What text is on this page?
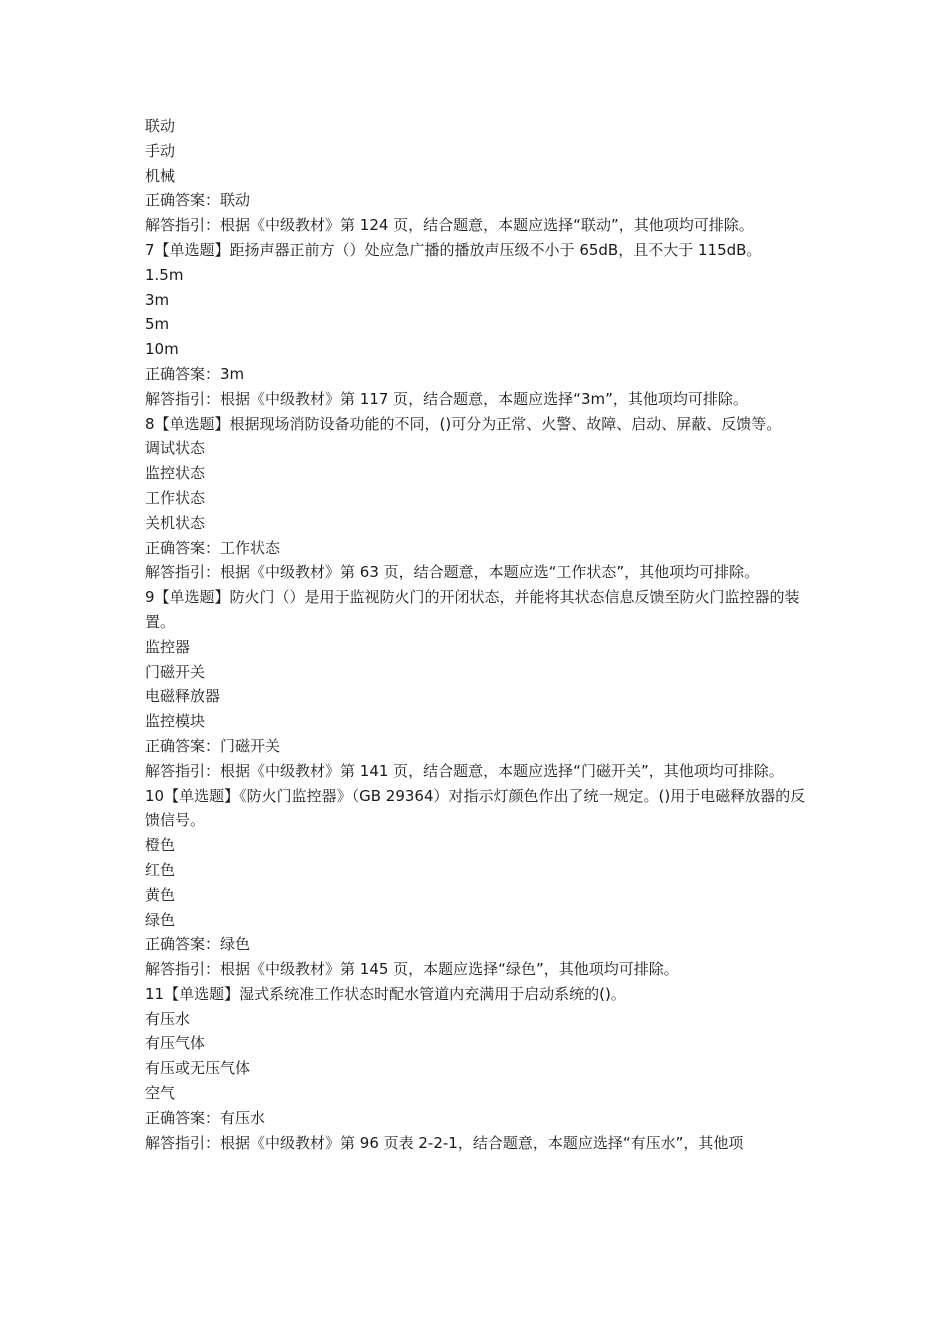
联动
手动
机械
正确答案：联动
解答指引：根据《中级教材》第 124 页，结合题意，本题应选择“联动”，其他项均可排除。
7【单选题】距扬声器正前方（）处应急广播的播放声压级不小于 65dB，且不大于 115dB。
1.5m
3m
5m
10m
正确答案：3m
解答指引：根据《中级教材》第 117 页，结合题意，本题应选择“3m”，其他项均可排除。
8【单选题】根据现场消防设备功能的不同，()可分为正常、火警、故障、启动、屏蔽、反馈等。
调试状态
监控状态
工作状态
关机状态
正确答案：工作状态
解答指引：根据《中级教材》第 63 页，结合题意，本题应选“工作状态”，其他项均可排除。
9【单选题】防火门（）是用于监视防火门的开闭状态，并能将其状态信息反馈至防火门监控器的装置。
监控器
门磁开关
电磁释放器
监控模块
正确答案：门磁开关
解答指引：根据《中级教材》第 141 页，结合题意，本题应选择“门磁开关”，其他项均可排除。
10【单选题】《防火门监控器》（GB 29364）对指示灯颜色作出了统一规定。()用于电磁释放器的反馈信号。
橙色
红色
黄色
绿色
正确答案：绿色
解答指引：根据《中级教材》第 145 页，本题应选择“绿色”，其他项均可排除。
11【单选题】湿式系统准工作状态时配水管道内充满用于启动系统的()。
有压水
有压气体
有压或无压气体
空气
正确答案：有压水
解答指引：根据《中级教材》第 96 页表 2-2-1，结合题意，本题应选择“有压水”，其他项
